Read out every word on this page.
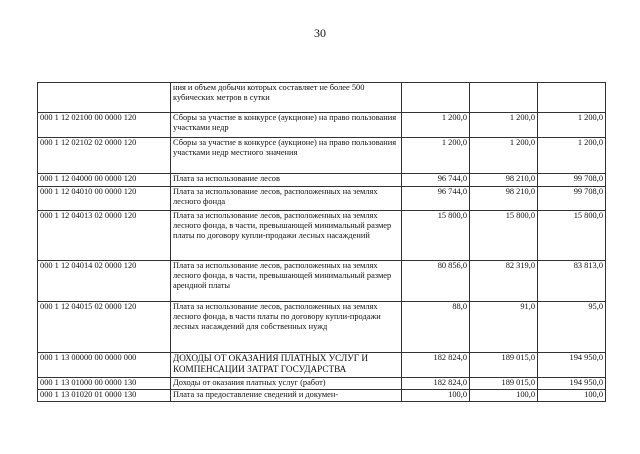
30
	ния и объем добычи которых составляет не более 500 кубических метров в сутки			
000 1 12 02100 00 0000 120	Сборы за участие в конкурсе (аукционе) на право пользования участками недр	1 200,0	1 200,0	1 200,0
000 1 12 02102 02 0000 120	Сборы за участие в конкурсе (аукционе) на право пользования участками недр местного значения	1 200,0	1 200,0	1 200,0
000 1 12 04000 00 0000 120	Плата за использование лесов	96 744,0	98 210,0	99 708,0
000 1 12 04010 00 0000 120	Плата за использование лесов, расположенных на землях лесного фонда	96 744,0	98 210,0	99 708,0
000 1 12 04013 02 0000 120	Плата за использование лесов, расположенных на землях лесного фонда, в части, превышающей минимальный размер платы по договору купли-продажи лесных насаждений	15 800,0	15 800,0	15 800,0
000 1 12 04014 02 0000 120	Плата за использование лесов, расположенных на землях лесного фонда, в части, превышающей минимальный размер арендной платы	80 856,0	82 319,0	83 813,0
000 1 12 04015 02 0000 120	Плата за использование лесов, расположенных на землях лесного фонда, в части платы по договору купли-продажи лесных насаждений для собственных нужд	88,0	91,0	95,0
000 1 13 00000 00 0000 000	ДОХОДЫ ОТ ОКАЗАНИЯ ПЛАТНЫХ УСЛУГ И КОМПЕНСАЦИИ ЗАТРАТ ГОСУДАРСТВА	182 824,0	189 015,0	194 950,0
000 1 13 01000 00 0000 130	Доходы от оказания платных услуг (работ)	182 824,0	189 015,0	194 950,0
000 1 13 01020 01 0000 130	Плата за предоставление сведений и докумен-	100,0	100,0	100,0
